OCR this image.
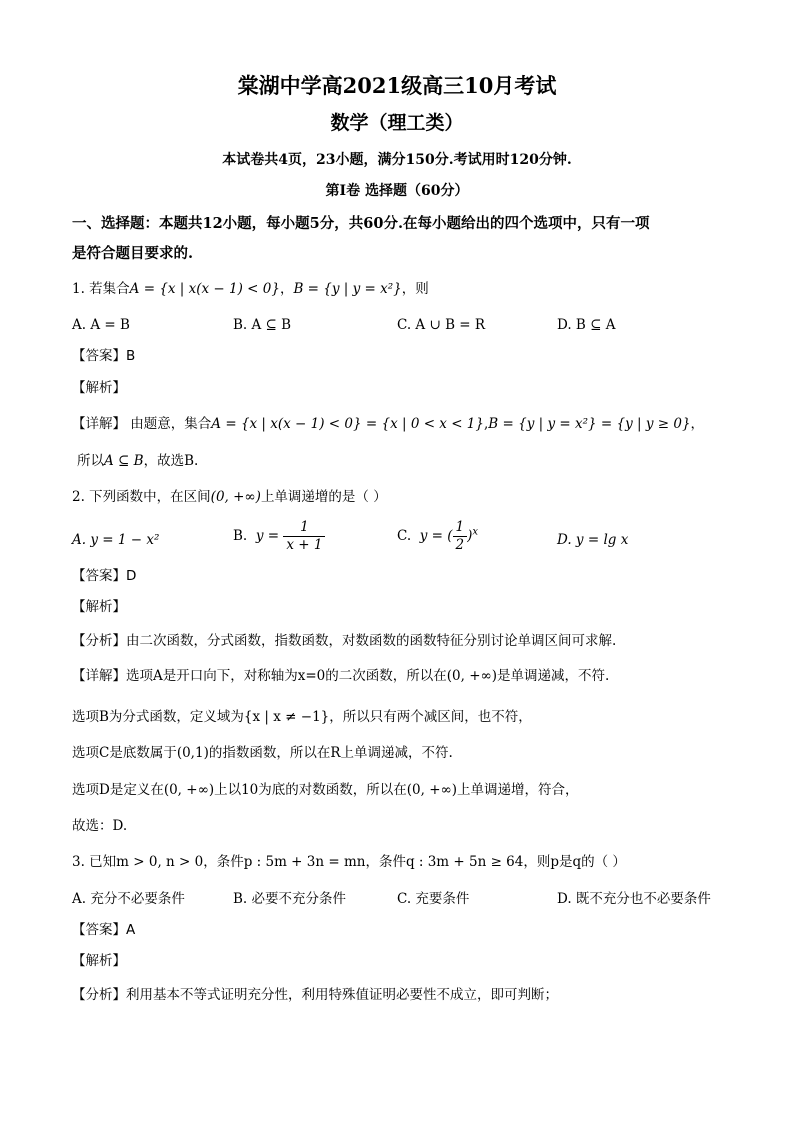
棠湖中学高2021级高三10月考试
数学（理工类）
本试卷共4页，23小题，满分150分.考试用时120分钟.
第Ⅰ卷 选择题（60分）
一、选择题：本题共12小题，每小题5分，共60分.在每小题给出的四个选项中，只有一项
是符合题目要求的.
1. 若集合A = {x | x(x − 1) < 0}，B = {y | y = x²}，则
A. A = B	B. A ⊆ B	C. A ∪ B = R	D. B ⊆ A
【答案】B
【解析】
【详解】 由题意，集合A = {x | x(x − 1) < 0} = {x | 0 < x < 1},B = {y | y = x²} = {y | y ≥ 0}，
所以A ⊆ B，故选B.
2. 下列函数中，在区间(0, +∞)上单调递增的是（ ）
A. y = 1 − x²	B. $y = \frac{1}{x + 1}$	C. y = ( $\frac{1}{2} )^x$	D. y = lg x
【答案】D
【解析】
【分析】由二次函数，分式函数，指数函数，对数函数的函数特征分别讨论单调区间可求解.
【详解】选项A是开口向下，对称轴为x=0的二次函数，所以在(0, +∞)是单调递减，不符.
选项B为分式函数，定义域为{x | x ≠ −1}，所以只有两个减区间，也不符，
选项C是底数属于(0,1)的指数函数，所以在R上单调递减，不符.
选项D是定义在(0, +∞)上以10为底的对数函数，所以在(0, +∞)上单调递增，符合，
故选：D.
3. 已知m > 0, n > 0，条件p : 5m + 3n = mn，条件q : 3m + 5n ≥ 64，则p是q的（ ）
A. 充分不必要条件	B. 必要不充分条件	C. 充要条件	D. 既不充分也不必要条件
【答案】A
【解析】
【分析】利用基本不等式证明充分性，利用特殊值证明必要性不成立，即可判断；
